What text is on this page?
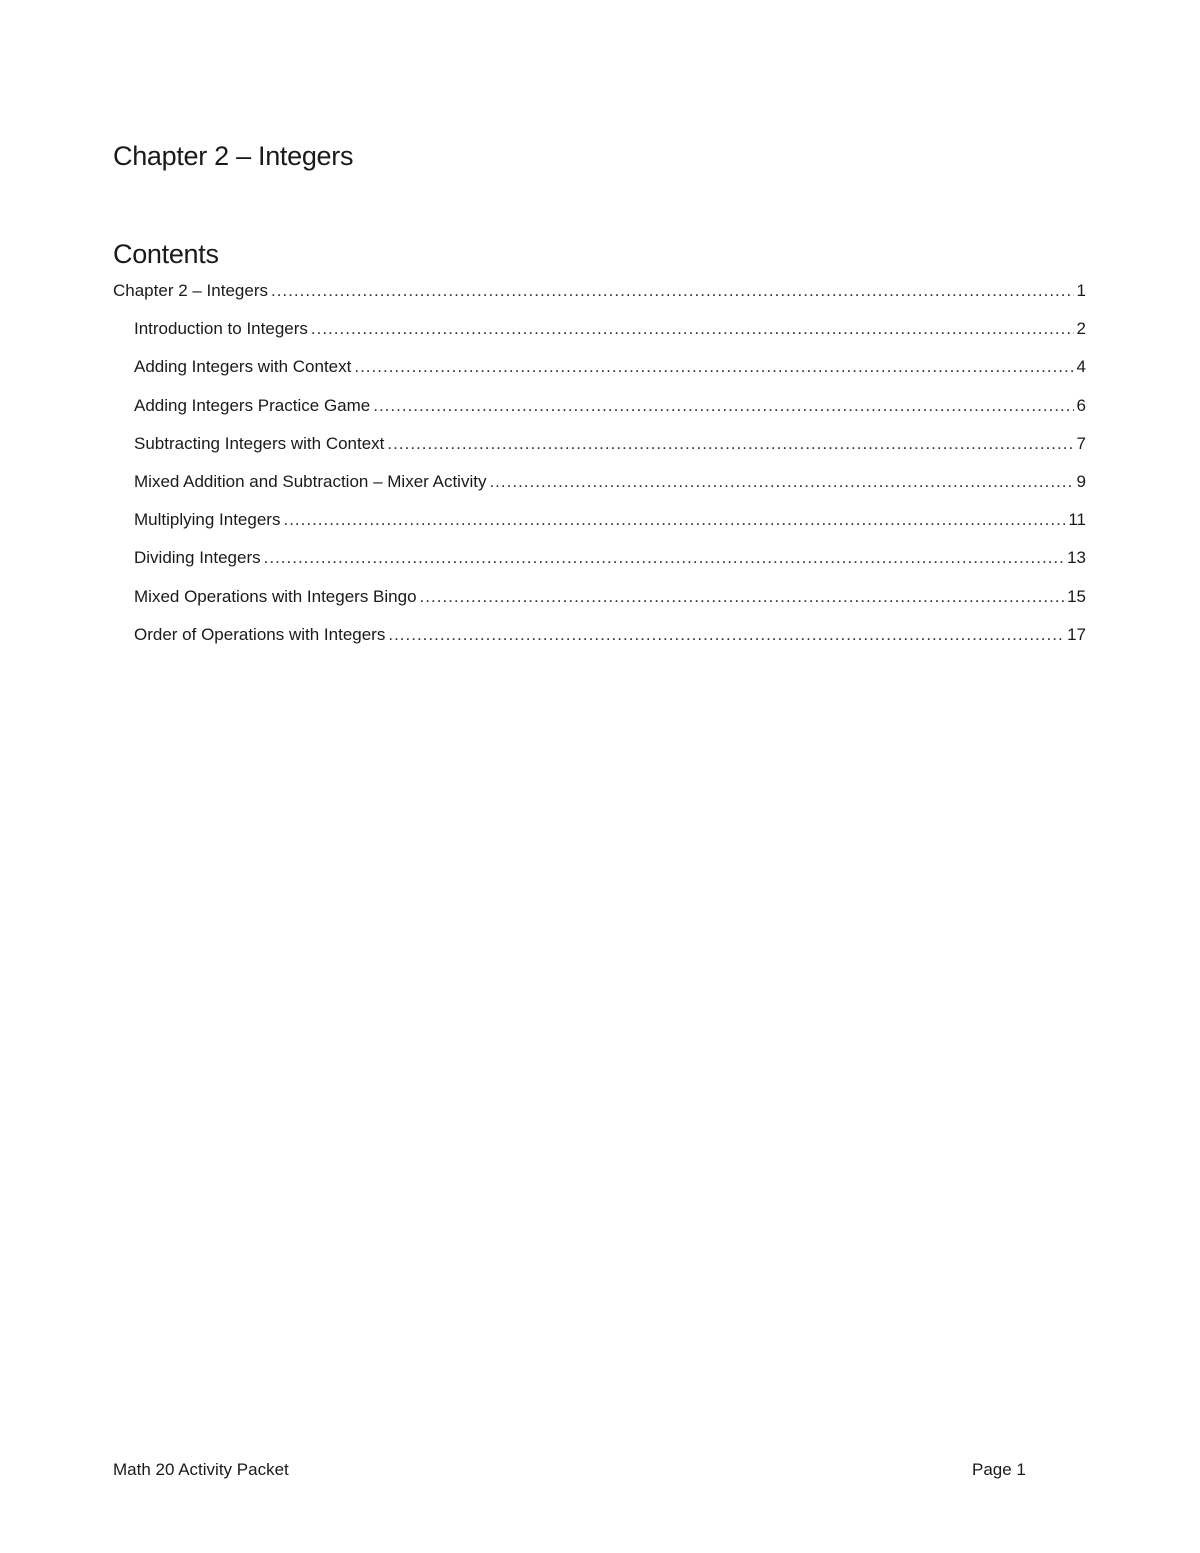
Chapter 2 – Integers
Contents
Chapter 2 – Integers .....	1
Introduction to Integers .....	2
Adding Integers with Context .....	4
Adding Integers Practice Game .....	6
Subtracting Integers with Context .....	7
Mixed Addition and Subtraction – Mixer Activity .....	9
Multiplying Integers .....	11
Dividing Integers .....	13
Mixed Operations with Integers Bingo .....	15
Order of Operations with Integers .....	17
Math 20 Activity Packet	Page 1
